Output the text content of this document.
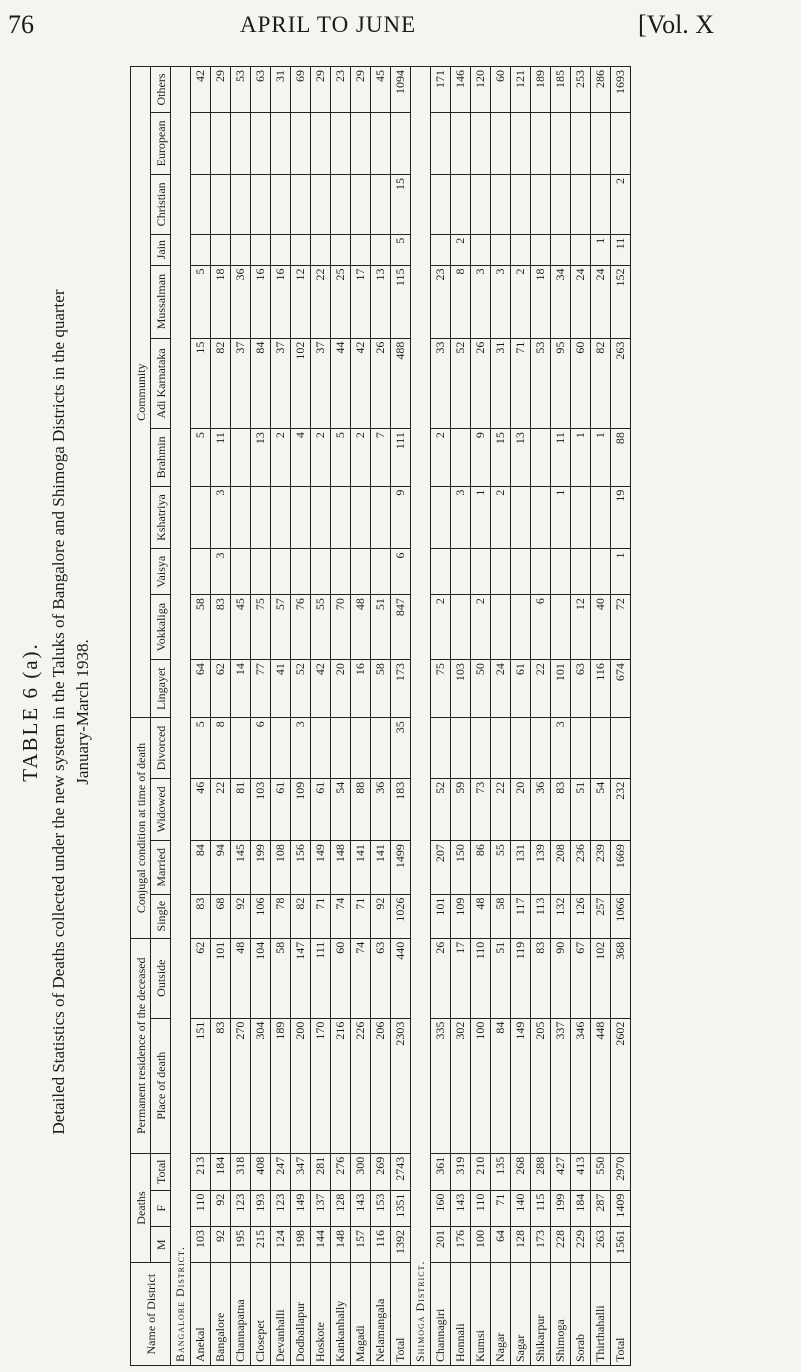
76	APRIL TO JUNE	[Vol. X
TABLE 6 (a). Detailed Statistics of Deaths collected under the new system in the Taluks of Bangalore and Shimoga Districts in the quarter January-March 1938.
Name of District	Deaths			Permanent residence of the deceased		Conjugal condition at time of death				Community										
	M	F	Total	Place of death	Outside	Single	Married	Widowed	Divorced	Lingayet	Vokkaliga	Vaisya	Kshatriya	Brahmin	Adi Karnataka	Mussalman	Jain	Christian	European	Others
Bangalore District.																				
Anekal	103	110	213	151	62	83	84	46	5	64	58			5	15	5				42
Bangalore	92	92	184	83	101	68	94	22	8	62	83	3	3	11	82	18				29
Channapatna	195	123	318	270	48	92	145	81		14	45				37	36				53
Closepet	215	193	408	304	104	106	199	103	6	77	75			13	84	16				63
Devanhalli	124	123	247	189	58	78	108	61		41	57			2	37	16				31
Dodballapur	198	149	347	200	147	82	156	109	3	52	76			4	102	12				69
Hoskote	144	137	281	170	111	71	149	61		42	55			2	37	22				29
Kankanhally	148	128	276	216	60	74	148	54		20	70			5	44	25				23
Magadi	157	143	300	226	74	71	141	88		16	48			2	42	17				29
Nelamangala	116	153	269	206	63	92	141	36		58	51			7	26	13				45
Total	1392	1351	2743	2303	440	1026	1499	183	35	173	847	6	9	111	488	115	5	15		1094
Shimoga District.																				
Channagiri	201	160	361	335	26	101	207	52		75	2			2	33	23				171
Honnali	176	143	319	302	17	109	150	59		103			3		52	8	2			146
Kumsi	100	110	210	100	110	48	86	73		50	2		1	9	26	3				120
Nagar	64	71	135	84	51	58	55	22		24			2	15	31	3				60
Sagar	128	140	268	149	119	117	131	20		61				13	71	2				121
Shikarpur	173	115	288	205	83	113	139	36		22	6				53	18				189
Shimoga	228	199	427	337	90	132	208	83	3	101			1	11	95	34				185
Sorab	229	184	413	346	67	126	236	51		63	12			1	60	24				253
Thirthahalli	263	287	550	448	102	257	239	54		116	40			1	82	24	1			286
Total	1561	1409	2970	2602	368	1066	1669	232		674	72	1	19	88	263	152	11	2		1693
